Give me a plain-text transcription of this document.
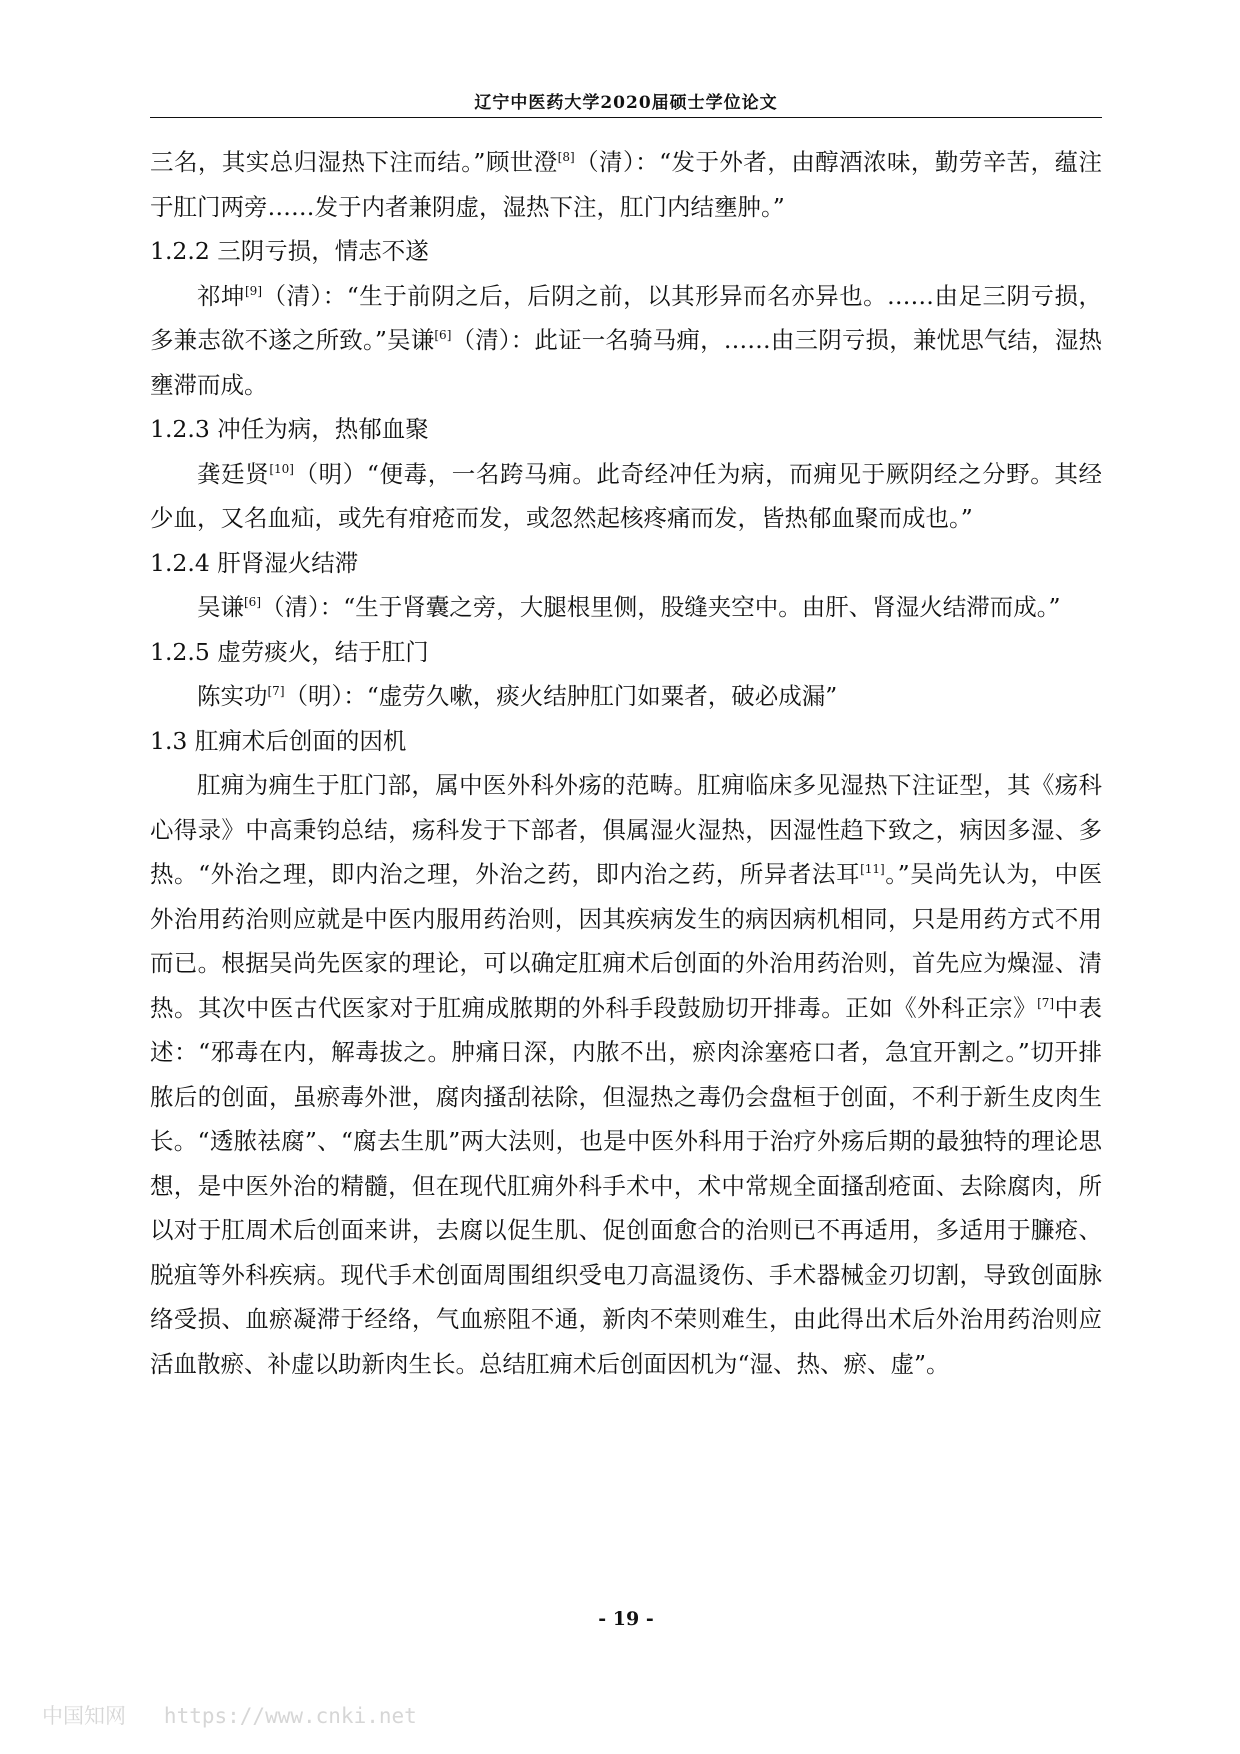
辽宁中医药大学2020届硕士学位论文

三名，其实总归湿热下注而结。”顾世澄[8]（清）：“发于外者，由醇酒浓味，勤劳辛苦，蕴注于肛门两旁……发于内者兼阴虚，湿热下注，肛门内结壅肿。”

1.2.2 三阴亏损，情志不遂

祁坤[9]（清）：“生于前阴之后，后阴之前，以其形异而名亦异也。……由足三阴亏损，多兼志欲不遂之所致。”吴谦[6]（清）：此证一名骑马痈，……由三阴亏损，兼忧思气结，湿热壅滞而成。

1.2.3 冲任为病，热郁血聚

龚廷贤[10]（明）“便毒，一名跨马痈。此奇经冲任为病，而痈见于厥阴经之分野。其经少血，又名血疝，或先有疳疮而发，或忽然起核疼痛而发，皆热郁血聚而成也。”

1.2.4 肝肾湿火结滞

吴谦[6]（清）：“生于肾囊之旁，大腿根里侧，股缝夹空中。由肝、肾湿火结滞而成。”

1.2.5 虚劳痰火，结于肛门

陈实功[7]（明）：“虚劳久嗽，痰火结肿肛门如粟者，破必成漏”

1.3 肛痈术后创面的因机

肛痈为痈生于肛门部，属中医外科外疡的范畴。肛痈临床多见湿热下注证型，其《疡科心得录》中高秉钧总结，疡科发于下部者，俱属湿火湿热，因湿性趋下致之，病因多湿、多热。“外治之理，即内治之理，外治之药，即内治之药，所异者法耳[11]。”吴尚先认为，中医外治用药治则应就是中医内服用药治则，因其疾病发生的病因病机相同，只是用药方式不用而已。根据吴尚先医家的理论，可以确定肛痈术后创面的外治用药治则，首先应为燥湿、清热。其次中医古代医家对于肛痈成脓期的外科手段鼓励切开排毒。正如《外科正宗》[7]中表述：“邪毒在内，解毒拔之。肿痛日深，内脓不出，瘀肉涂塞疮口者，急宜开割之。”切开排脓后的创面，虽瘀毒外泄，腐肉搔刮祛除，但湿热之毒仍会盘桓于创面，不利于新生皮肉生长。“透脓祛腐”、“腐去生肌”两大法则，也是中医外科用于治疗外疡后期的最独特的理论思想，是中医外治的精髓，但在现代肛痈外科手术中，术中常规全面搔刮疮面、去除腐肉，所以对于肛周术后创面来讲，去腐以促生肌、促创面愈合的治则已不再适用，多适用于臁疮、脱疽等外科疾病。现代手术创面周围组织受电刀高温烫伤、手术器械金刃切割，导致创面脉络受损、血瘀凝滞于经络，气血瘀阻不通，新肉不荣则难生，由此得出术后外治用药治则应活血散瘀、补虚以助新肉生长。总结肛痈术后创面因机为“湿、热、瘀、虚”。

- 19 -
中国知网   https://www.cnki.net
